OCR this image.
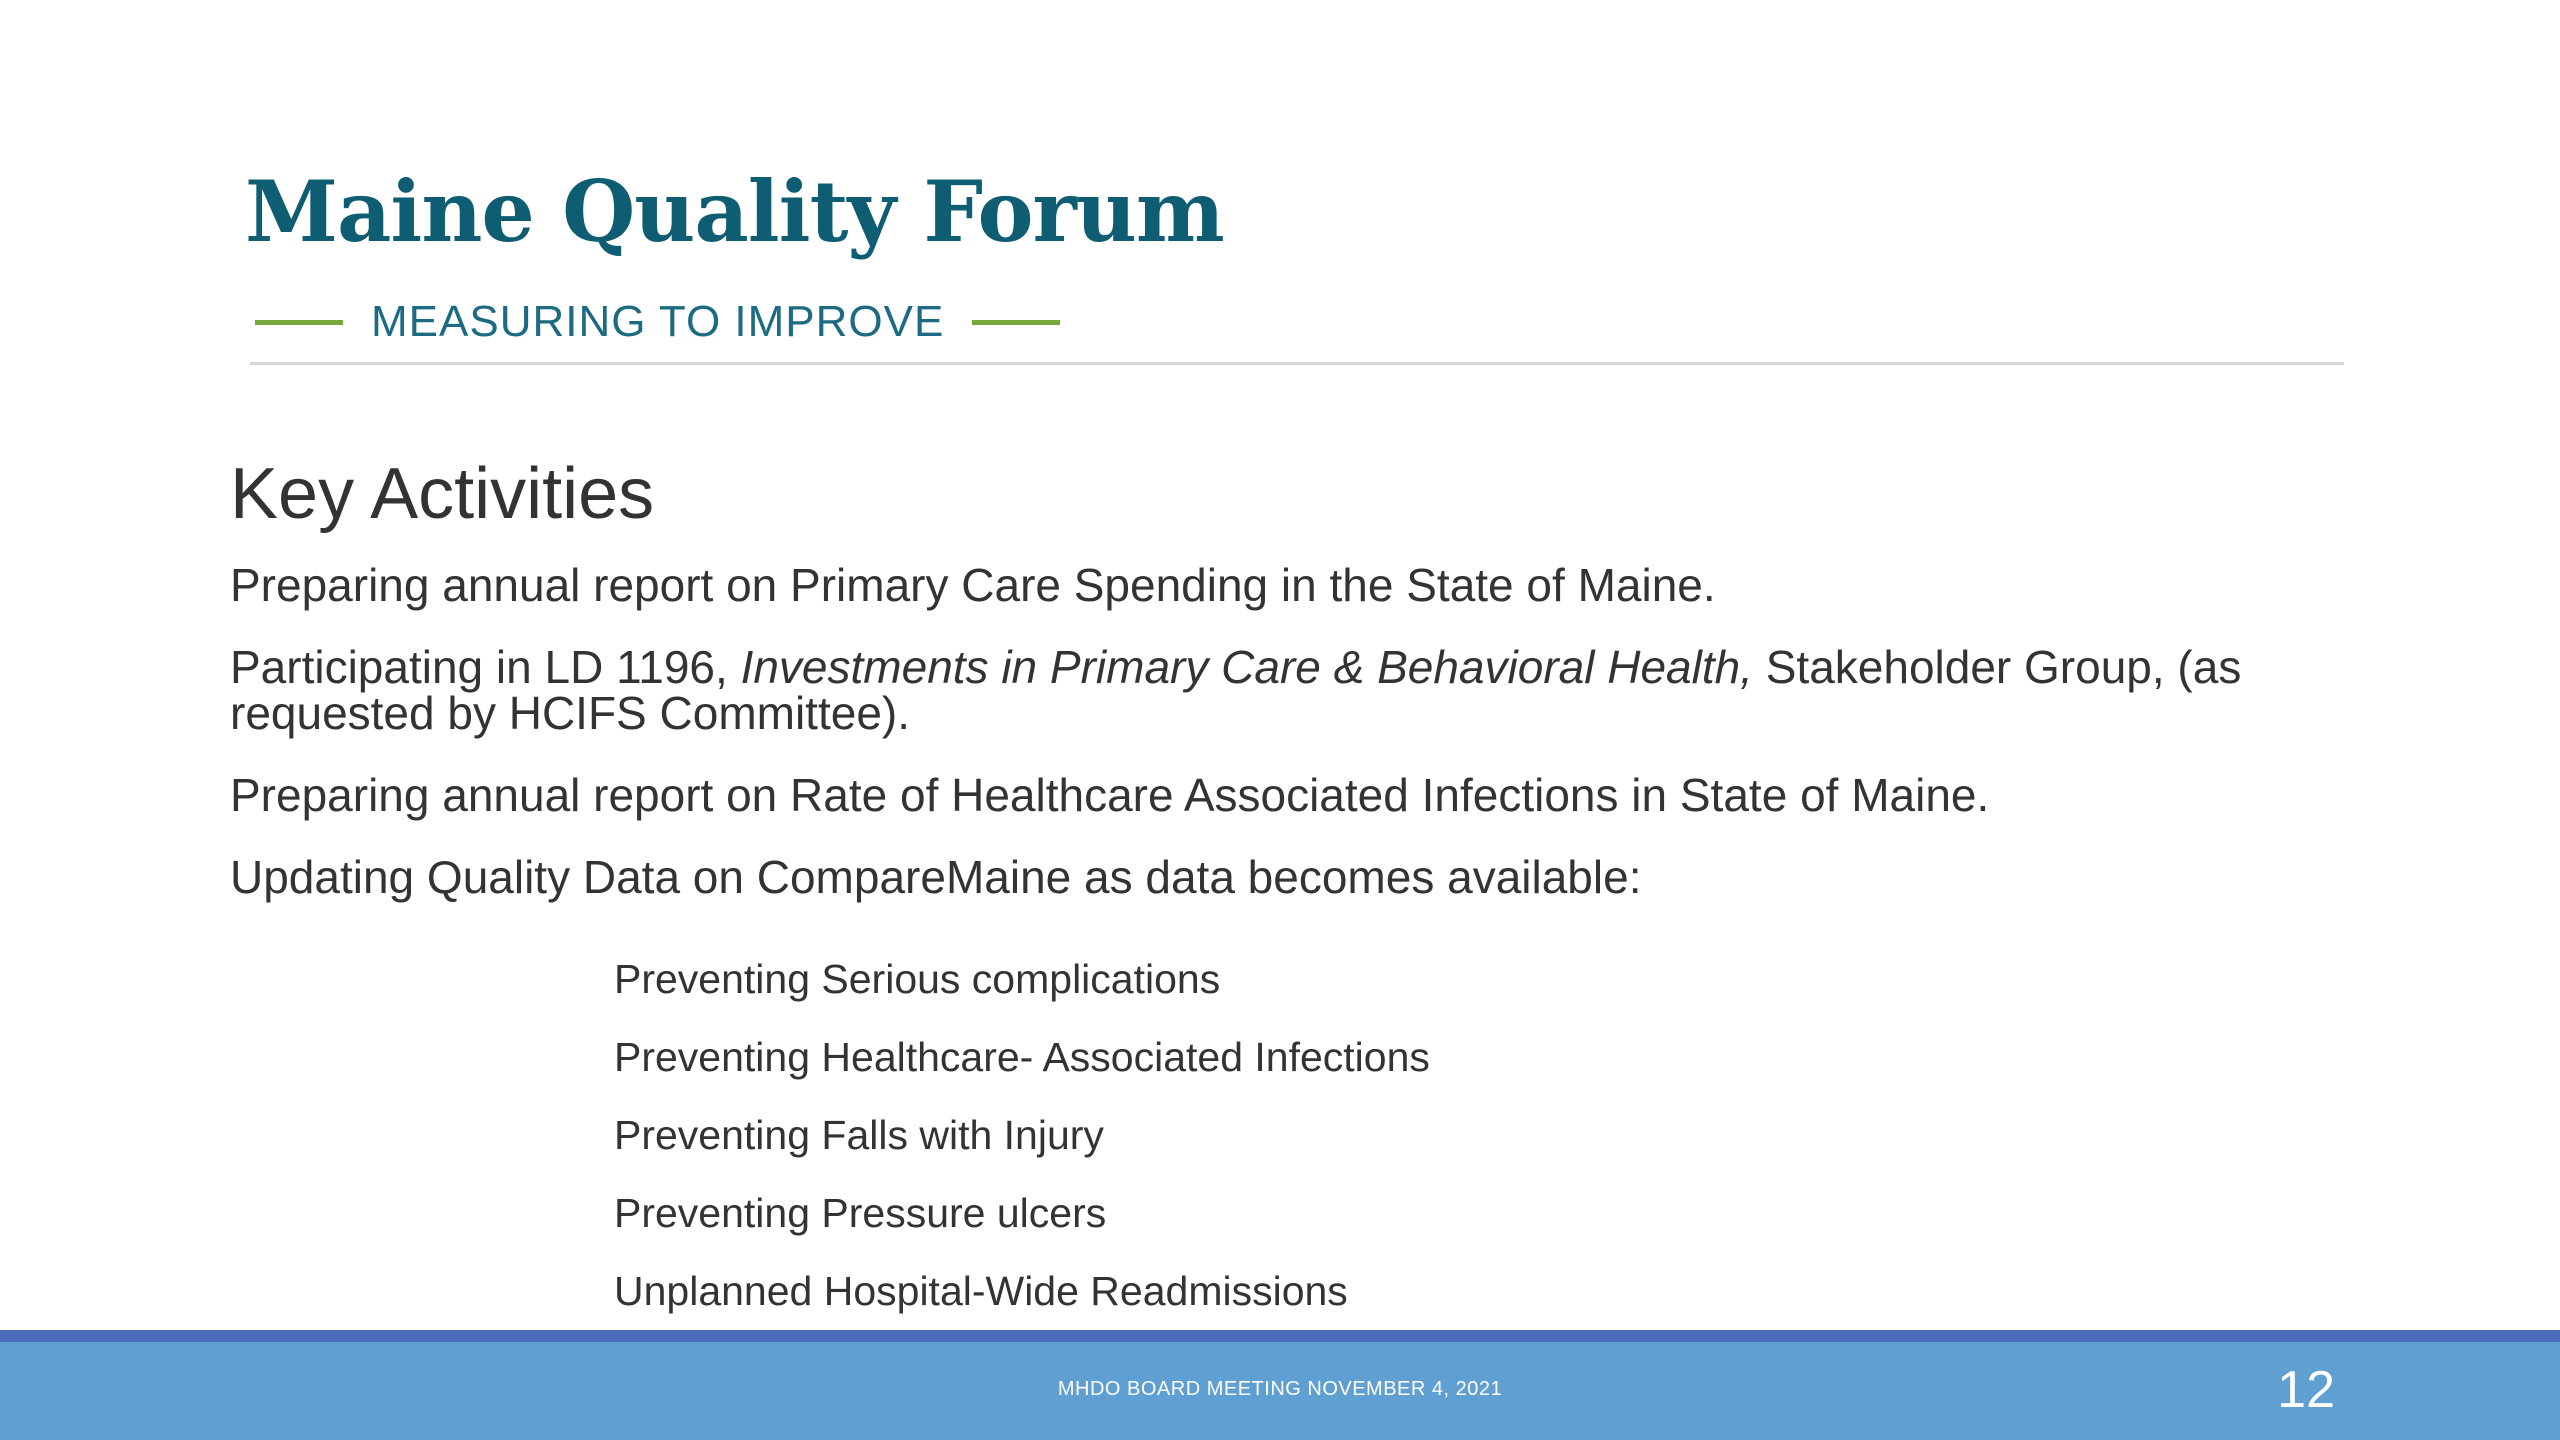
Maine Quality Forum
MEASURING TO IMPROVE
Key Activities
Preparing annual report on Primary Care Spending in the State of Maine.
Participating in LD 1196, Investments in Primary Care & Behavioral Health, Stakeholder Group, (as requested by HCIFS Committee).
Preparing annual report on Rate of Healthcare Associated Infections in State of Maine.
Updating Quality Data on CompareMaine as data becomes available:
Preventing Serious complications
Preventing Healthcare- Associated Infections
Preventing Falls with Injury
Preventing Pressure ulcers
Unplanned Hospital-Wide Readmissions
MHDO BOARD MEETING NOVEMBER 4, 2021	12
